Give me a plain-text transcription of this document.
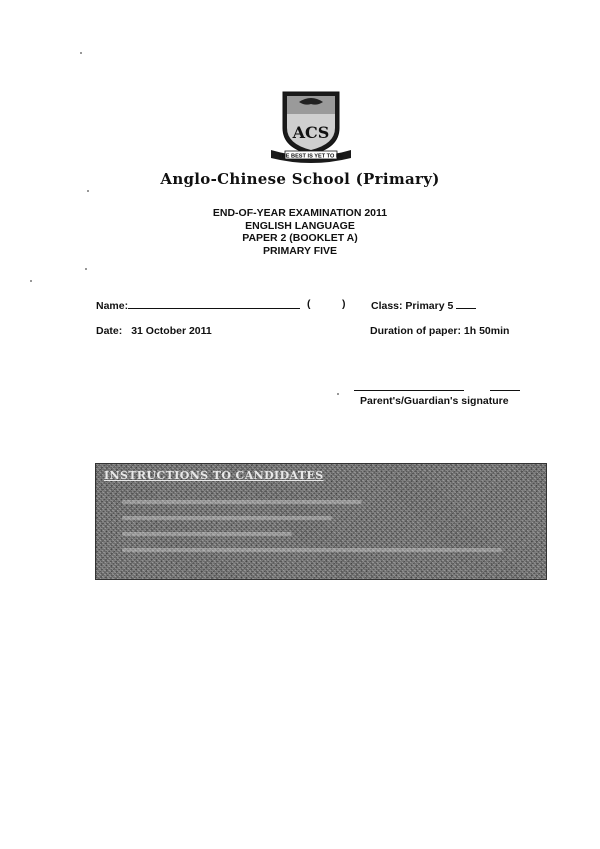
ACS
THE BEST IS YET TO BE
Anglo-Chinese School (Primary)
END-OF-YEAR EXAMINATION 2011
ENGLISH LANGUAGE
PAPER 2 (BOOKLET A)
PRIMARY FIVE
Name:	(	) Class: Primary 5
Date: 31 October 2011	Duration of paper: 1h 50min
Parent's/Guardian's signature
INSTRUCTIONS TO CANDIDATES
